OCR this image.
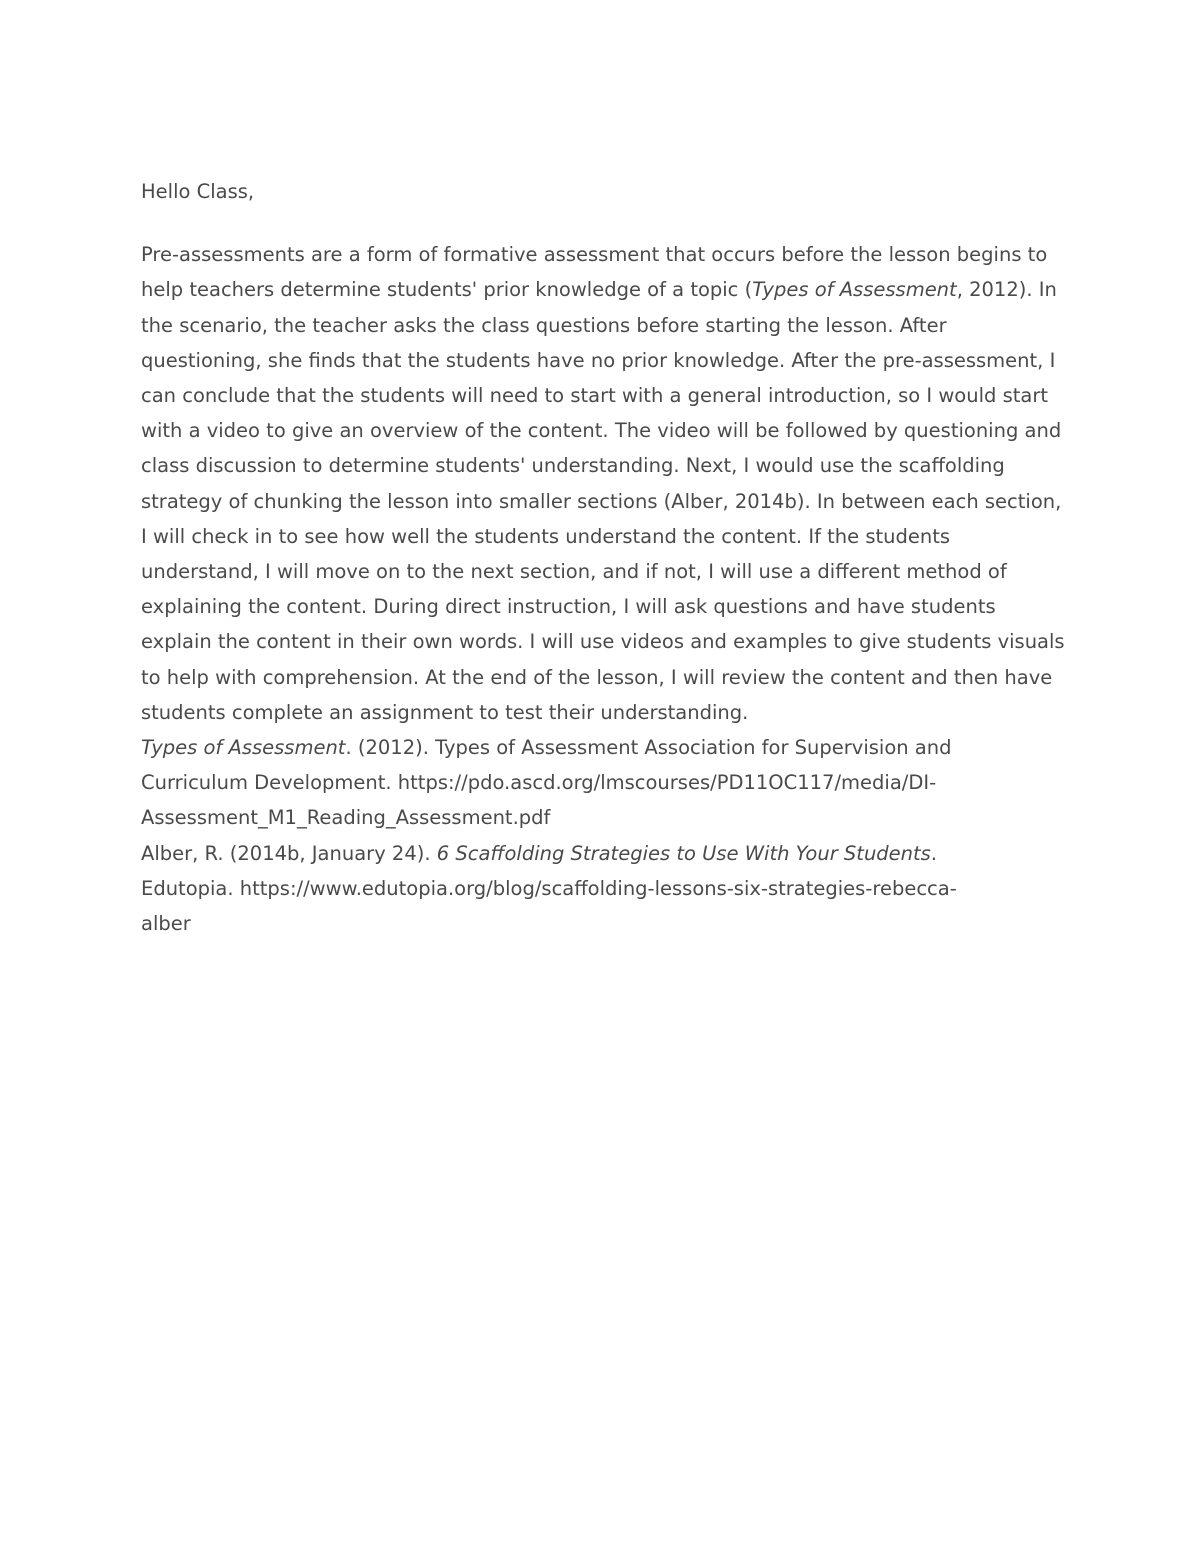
Hello Class,

Pre-assessments are a form of formative assessment that occurs before the lesson begins to help teachers determine students' prior knowledge of a topic (Types of Assessment, 2012). In the scenario, the teacher asks the class questions before starting the lesson. After questioning, she finds that the students have no prior knowledge. After the pre-assessment, I can conclude that the students will need to start with a general introduction, so I would start with a video to give an overview of the content. The video will be followed by questioning and class discussion to determine students' understanding. Next, I would use the scaffolding strategy of chunking the lesson into smaller sections (Alber, 2014b). In between each section, I will check in to see how well the students understand the content. If the students understand, I will move on to the next section, and if not, I will use a different method of explaining the content. During direct instruction, I will ask questions and have students explain the content in their own words. I will use videos and examples to give students visuals to help with comprehension. At the end of the lesson, I will review the content and then have students complete an assignment to test their understanding.

Types of Assessment. (2012). Types of Assessment Association for Supervision and
Curriculum Development. https://pdo.ascd.org/lmscourses/PD11OC117/media/DI-
Assessment_M1_Reading_Assessment.pdf
Alber, R. (2014b, January 24). 6 Scaffolding Strategies to Use With Your Students.
Edutopia. https://www.edutopia.org/blog/scaffolding-lessons-six-strategies-rebecca-
alber
